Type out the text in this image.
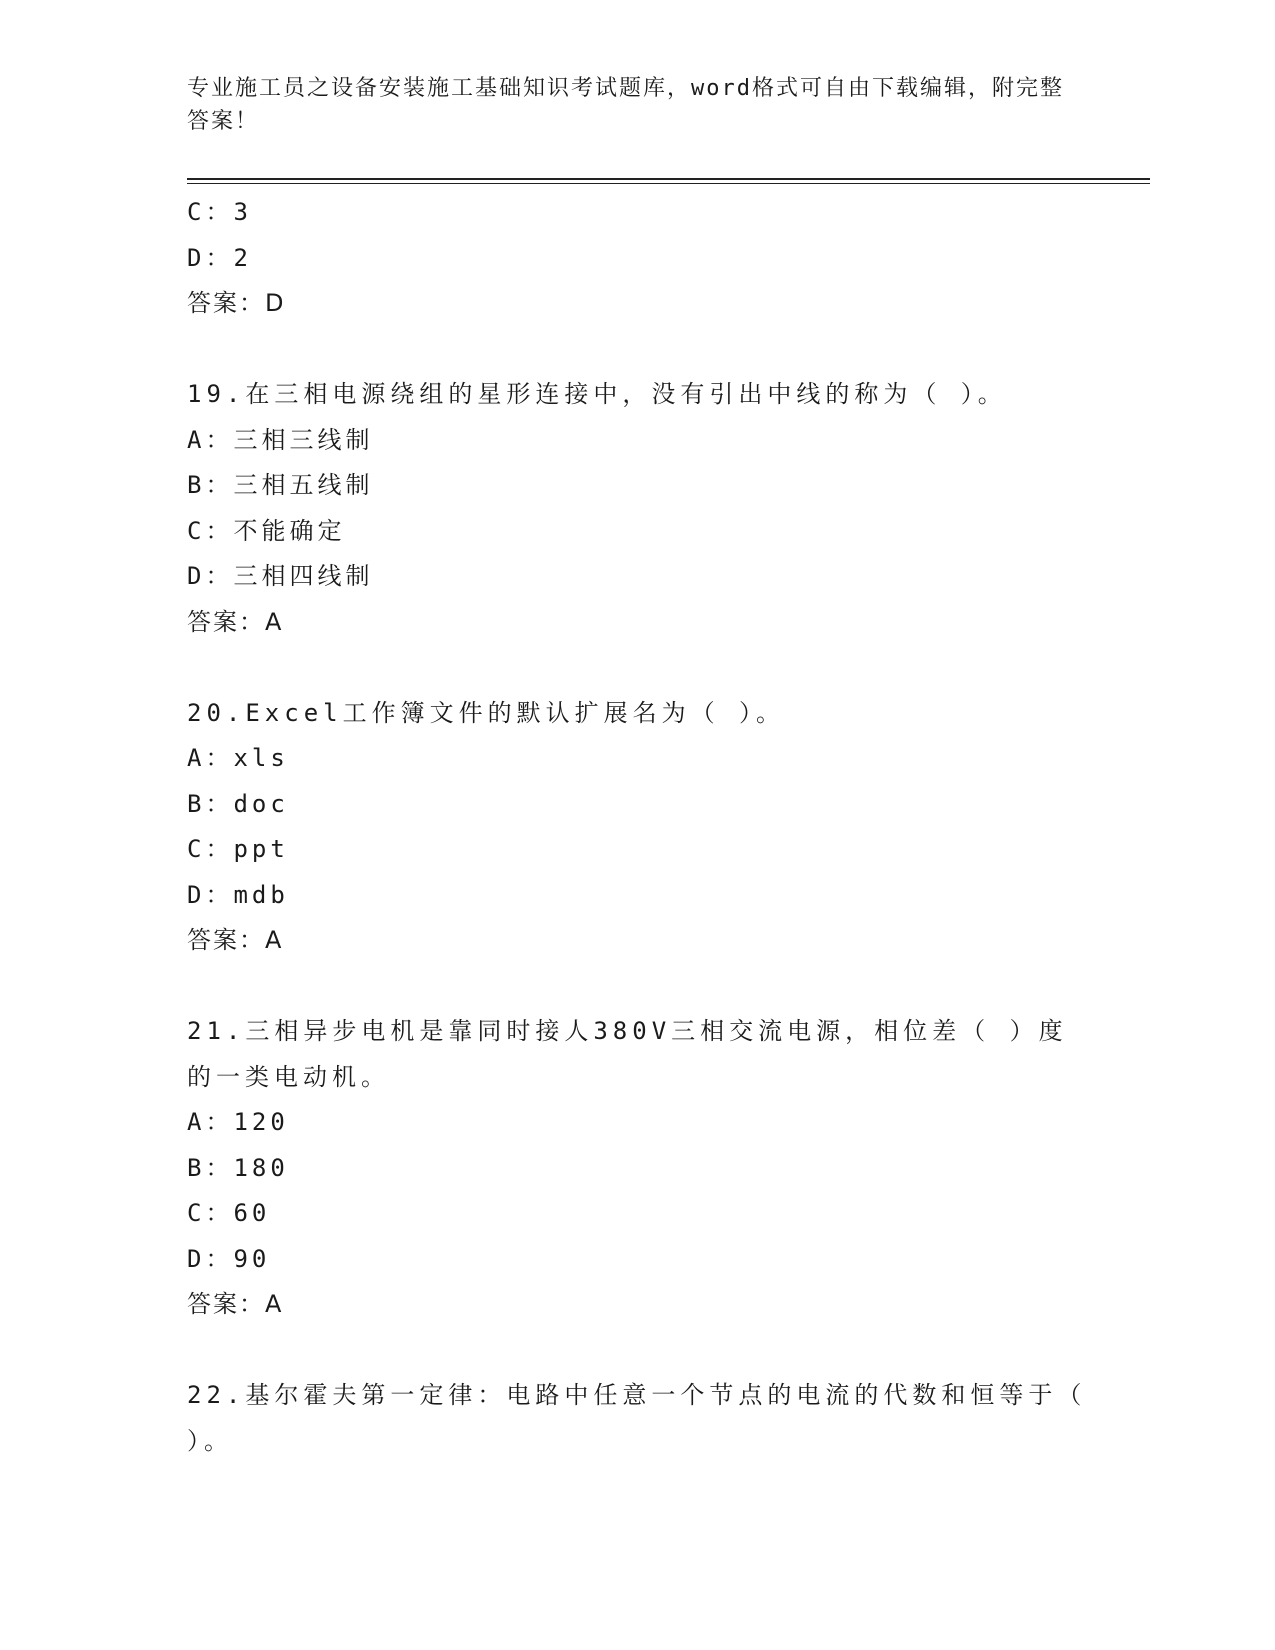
专业施工员之设备安装施工基础知识考试题库，word格式可自由下载编辑，附完整答案！
C：3
D：2
答案：D
19.在三相电源绕组的星形连接中，没有引出中线的称为（ ）。
A：三相三线制
B：三相五线制
C：不能确定
D：三相四线制
答案：A
20.Excel工作簿文件的默认扩展名为（ ）。
A：xls
B：doc
C：ppt
D：mdb
答案：A
21.三相异步电机是靠同时接人380V三相交流电源，相位差（ ）度的一类电动机。
A：120
B：180
C：60
D：90
答案：A
22.基尔霍夫第一定律：电路中任意一个节点的电流的代数和恒等于（ ）。
